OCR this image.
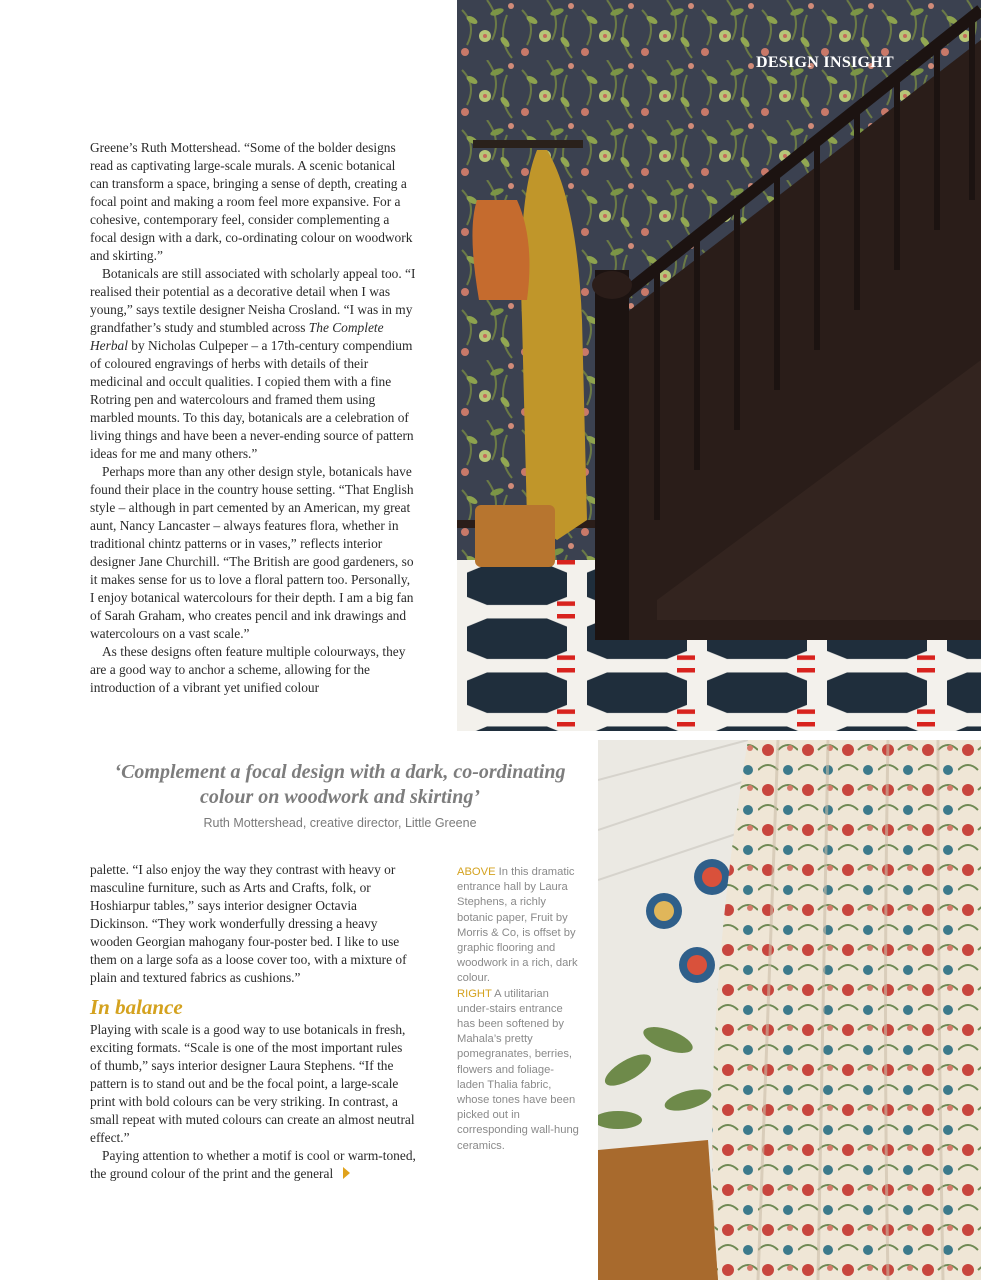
DESIGN INSIGHT

Greene’s Ruth Mottershead. “Some of the bolder designs read as captivating large-scale murals. A scenic botanical can transform a space, bringing a sense of depth, creating a focal point and making a room feel more expansive. For a cohesive, contemporary feel, consider complementing a focal design with a dark, co-ordinating colour on woodwork and skirting.”

Botanicals are still associated with scholarly appeal too. “I realised their potential as a decorative detail when I was young,” says textile designer Neisha Crosland. “I was in my grandfather’s study and stumbled across The Complete Herbal by Nicholas Culpeper – a 17th-century compendium of coloured engravings of herbs with details of their medicinal and occult qualities. I copied them with a fine Rotring pen and watercolours and framed them using marbled mounts. To this day, botanicals are a celebration of living things and have been a never-ending source of pattern ideas for me and many others.”

Perhaps more than any other design style, botanicals have found their place in the country house setting. “That English style – although in part cemented by an American, my great aunt, Nancy Lancaster – always features flora, whether in traditional chintz patterns or in vases,” reflects interior designer Jane Churchill. “The British are good gardeners, so it makes sense for us to love a floral pattern too. Personally, I enjoy botanical watercolours for their depth. I am a big fan of Sarah Graham, who creates pencil and ink drawings and watercolours on a vast scale.”

As these designs often feature multiple colourways, they are a good way to anchor a scheme, allowing for the introduction of a vibrant yet unified colour

‘Complement a focal design with a dark, co-ordinating colour on woodwork and skirting’
Ruth Mottershead, creative director, Little Greene

palette. “I also enjoy the way they contrast with heavy or masculine furniture, such as Arts and Crafts, folk, or Hoshiarpur tables,” says interior designer Octavia Dickinson. “They work wonderfully dressing a heavy wooden Georgian mahogany four-poster bed. I like to use them on a large sofa as a loose cover too, with a mixture of plain and textured fabrics as cushions.”

In balance

Playing with scale is a good way to use botanicals in fresh, exciting formats. “Scale is one of the most important rules of thumb,” says interior designer Laura Stephens. “If the pattern is to stand out and be the focal point, a large-scale print with bold colours can be very striking. In contrast, a small repeat with muted colours can create an almost neutral effect.”

Paying attention to whether a motif is cool or warm-toned, the ground colour of the print and the general

ABOVE In this dramatic entrance hall by Laura Stephens, a richly botanic paper, Fruit by Morris & Co, is offset by graphic flooring and woodwork in a rich, dark colour.
RIGHT A utilitarian under-stairs entrance has been softened by Mahala’s pretty pomegranates, berries, flowers and foliage-laden Thalia fabric, whose tones have been picked out in corresponding wall-hung ceramics.
